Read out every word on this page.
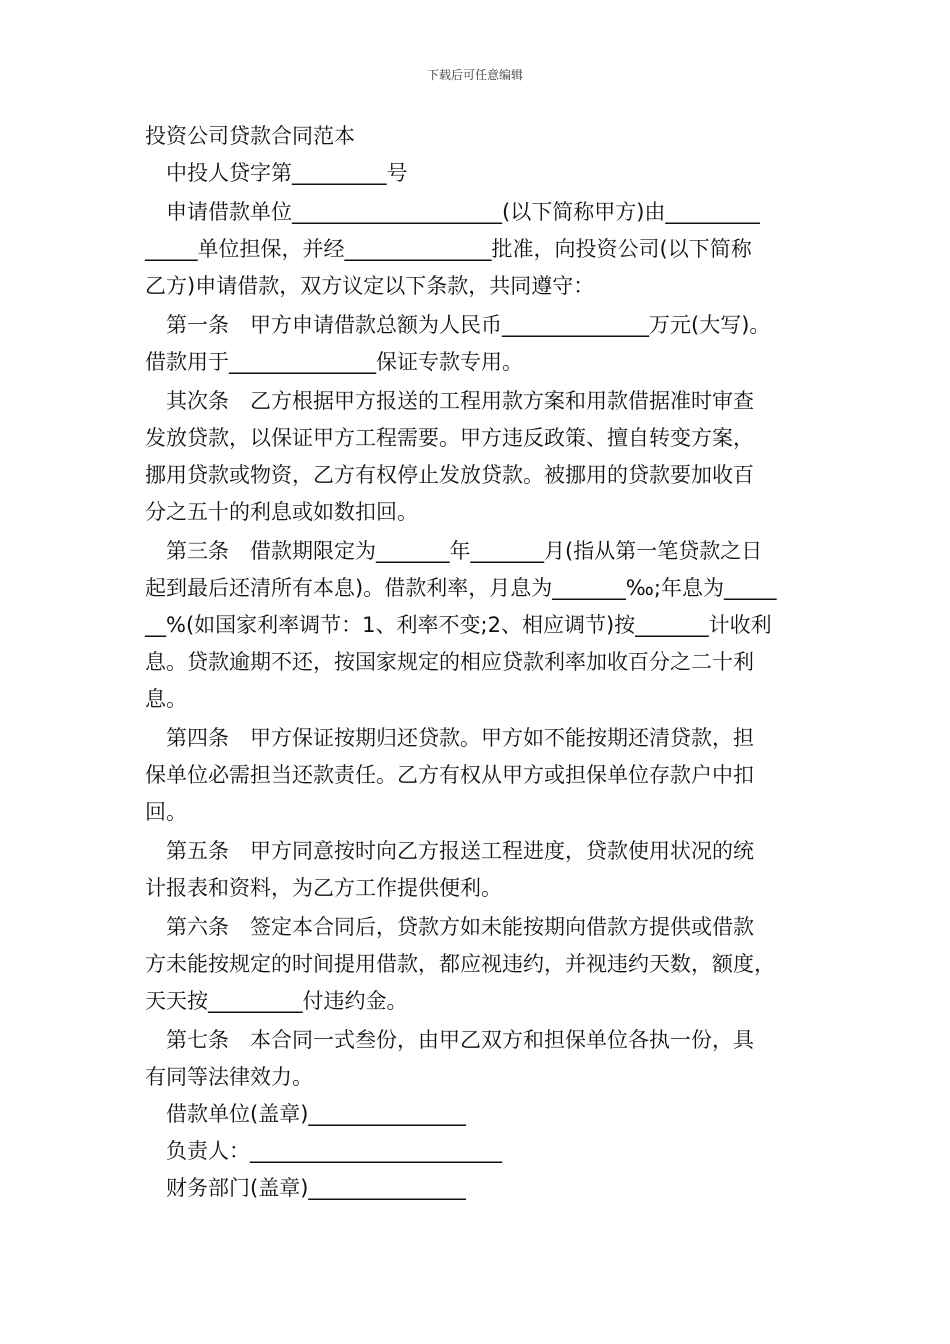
下载后可任意编辑
投资公司贷款合同范本
中投人贷字第_________号
申请借款单位____________________(以下简称甲方)由_________
_____单位担保，并经______________批准，向投资公司(以下简称
乙方)申请借款，双方议定以下条款，共同遵守：
第一条　甲方申请借款总额为人民币______________万元(大写)。
借款用于______________保证专款专用。
其次条　乙方根据甲方报送的工程用款方案和用款借据准时审查
发放贷款，以保证甲方工程需要。甲方违反政策、擅自转变方案，
挪用贷款或物资，乙方有权停止发放贷款。被挪用的贷款要加收百
分之五十的利息或如数扣回。
第三条　借款期限定为_______年_______月(指从第一笔贷款之日
起到最后还清所有本息)。借款利率，月息为_______‰;年息为_____
__%(如国家利率调节：1、利率不变;2、相应调节)按_______计收利
息。贷款逾期不还，按国家规定的相应贷款利率加收百分之二十利
息。
第四条　甲方保证按期归还贷款。甲方如不能按期还清贷款，担
保单位必需担当还款责任。乙方有权从甲方或担保单位存款户中扣
回。
第五条　甲方同意按时向乙方报送工程进度，贷款使用状况的统
计报表和资料，为乙方工作提供便利。
第六条　签定本合同后，贷款方如未能按期向借款方提供或借款
方未能按规定的时间提用借款，都应视违约，并视违约天数，额度，
天天按_________付违约金。
第七条　本合同一式叁份，由甲乙双方和担保单位各执一份，具
有同等法律效力。
借款单位(盖章)_______________
负责人：________________________
财务部门(盖章)_______________
